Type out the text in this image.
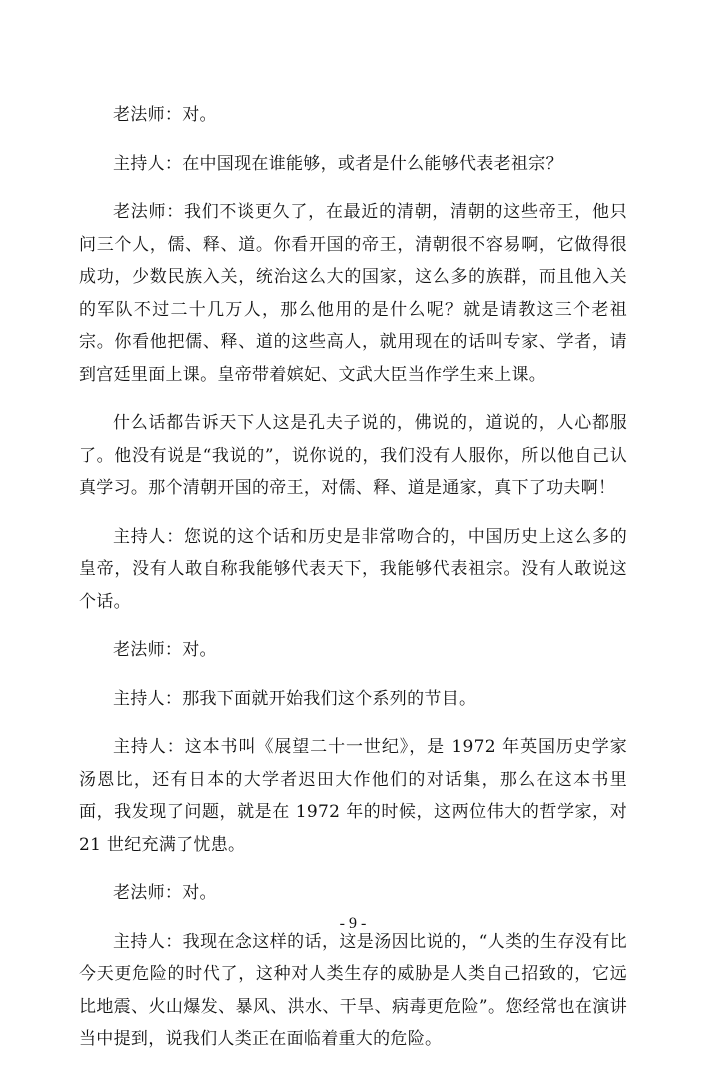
老法师：对。

主持人：在中国现在谁能够，或者是什么能够代表老祖宗？

老法师：我们不谈更久了，在最近的清朝，清朝的这些帝王，他只问三个人，儒、释、道。你看开国的帝王，清朝很不容易啊，它做得很成功，少数民族入关，统治这么大的国家，这么多的族群，而且他入关的军队不过二十几万人，那么他用的是什么呢？就是请教这三个老祖宗。你看他把儒、释、道的这些高人，就用现在的话叫专家、学者，请到宫廷里面上课。皇帝带着嫔妃、文武大臣当作学生来上课。

什么话都告诉天下人这是孔夫子说的，佛说的，道说的，人心都服了。他没有说是“我说的”，说你说的，我们没有人服你，所以他自己认真学习。那个清朝开国的帝王，对儒、释、道是通家，真下了功夫啊！

主持人：您说的这个话和历史是非常吻合的，中国历史上这么多的皇帝，没有人敢自称我能够代表天下，我能够代表祖宗。没有人敢说这个话。

老法师：对。

主持人：那我下面就开始我们这个系列的节目。

主持人：这本书叫《展望二十一世纪》，是 1972 年英国历史学家汤恩比，还有日本的大学者迟田大作他们的对话集，那么在这本书里面，我发现了问题，就是在 1972 年的时候，这两位伟大的哲学家，对 21 世纪充满了忧患。

老法师：对。

主持人：我现在念这样的话，这是汤因比说的，“人类的生存没有比今天更危险的时代了，这种对人类生存的威胁是人类自己招致的，它远比地震、火山爆发、暴风、洪水、干旱、病毒更危险”。您经常也在演讲当中提到，说我们人类正在面临着重大的危险。

- 9 -
